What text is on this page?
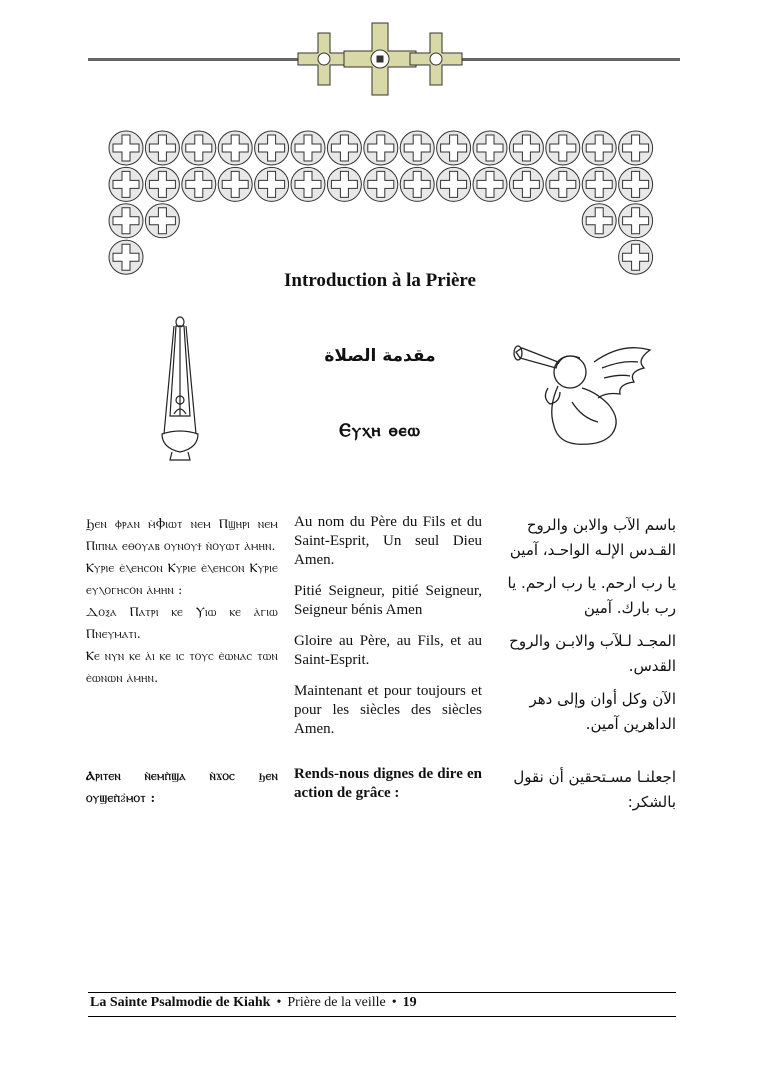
Introduction à la Prière
مقدمة الصلاة
Ⲉⲩⲭⲏ ⲑⲉⲱ

Ϧⲉⲛ ⲫⲣⲁⲛ ⲙ̀Ⲫⲓⲱⲧ ⲛⲉⲙ Ⲡϣⲏⲣⲓ ⲛⲉⲙ Ⲡⲓⲡⲛⲁ ⲉⲑⲟⲩⲁⲃ ⲟⲩⲛⲟⲩϯ ⲛ̀ⲟⲩⲱⲧ ⲁ̀ⲙⲏⲛ.

Ⲕⲩⲣⲓⲉ ⲉ̀ⲗⲉⲏⲥⲟⲛ Ⲕⲩⲣⲓⲉ ⲉ̀ⲗⲉⲏⲥⲟⲛ Ⲕⲩⲣⲓⲉ ⲉⲩⲗⲟⲅⲏⲥⲟⲛ ⲁ̀ⲙⲏⲛ :

Ⲇⲟⲝⲁ Ⲡⲁⲧⲣⲓ ⲕⲉ Ⲩⲓⲱ ⲕⲉ ⲁ̀ⲅⲓⲱ Ⲡⲛⲉⲩⲙⲁⲧⲓ.

Ⲕⲉ ⲛⲩⲛ ⲕⲉ ⲁ̀ⲓ ⲕⲉ ⲓⲥ ⲧⲟⲩⲥ ⲉ̀ⲱⲛⲁⲥ ⲧⲱⲛ ⲉ̀ⲱⲛⲱⲛ ⲁ̀ⲙⲏⲛ.

Au nom du Père du Fils et du Saint-Esprit, Un seul Dieu Amen.

Pitié Seigneur, pitié Seigneur, Seigneur bénis Amen

Gloire au Père, au Fils, et au Saint-Esprit.

Maintenant et pour toujours et pour les siècles des siècles Amen.

باسم الآب والابن والروح القـدس الإلـه الواحـد، آمين

يا رب ارحم. يا رب ارحم. يا رب بارك. آمين

المجـد لـلآب والابـن والروح القدس.

الآن وكل أوان وإلى دهر الداهرين آمين.

Ⲁⲣⲓⲧⲉⲛ ⲛ̀ⲉⲙⲡ̀ϣⲁ ⲛ̀ϫⲟⲥ ϧⲉⲛ ⲟⲩϣⲉⲡ̀ϩ̀ⲙⲟⲧ :
Rends-nous dignes de dire en action de grâce :
اجعلنـا مسـتحقين أن نقول بالشكر:
La Sainte Psalmodie de Kiahk • Prière de la veille • 19
